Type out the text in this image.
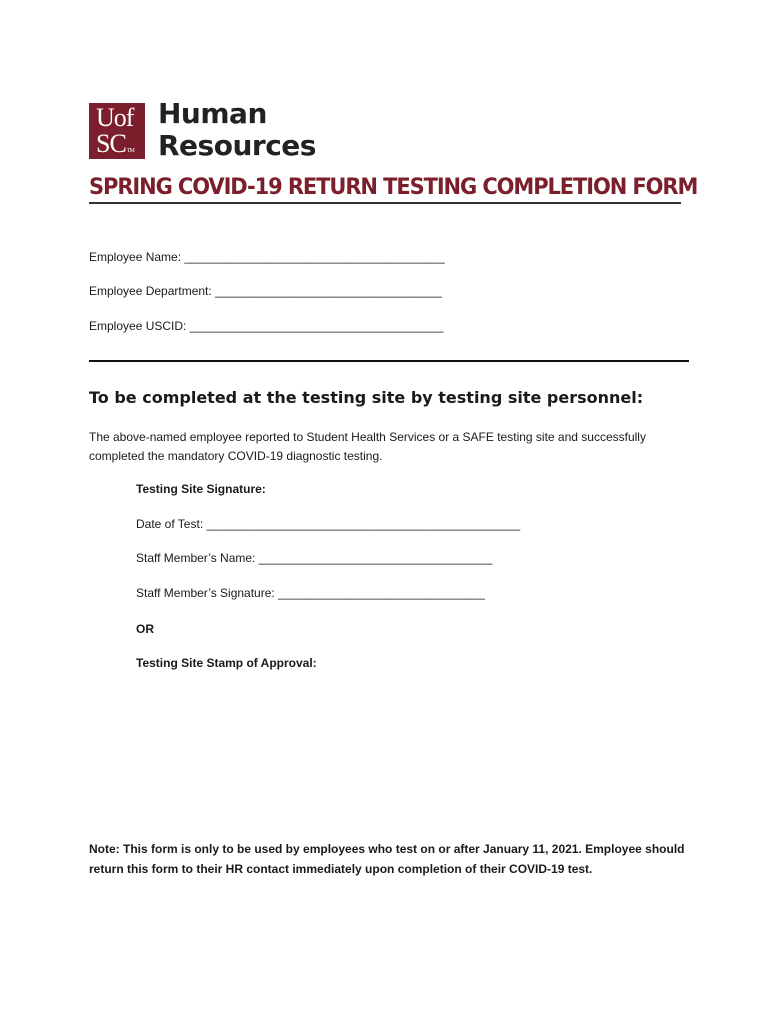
Uof
SCTM
Human
Resources
SPRING COVID-19 RETURN TESTING COMPLETION FORM
Employee Name: _______________________________________
Employee Department: __________________________________
Employee USCID: ______________________________________
To be completed at the testing site by testing site personnel:
The above-named employee reported to Student Health Services or a SAFE testing site and successfully completed the mandatory COVID-19 diagnostic testing.
Testing Site Signature:
Date of Test: _______________________________________________
Staff Member’s Name: ___________________________________
Staff Member’s Signature: _______________________________
OR
Testing Site Stamp of Approval:
Note: This form is only to be used by employees who test on or after January 11, 2021. Employee should return this form to their HR contact immediately upon completion of their COVID-19 test.
